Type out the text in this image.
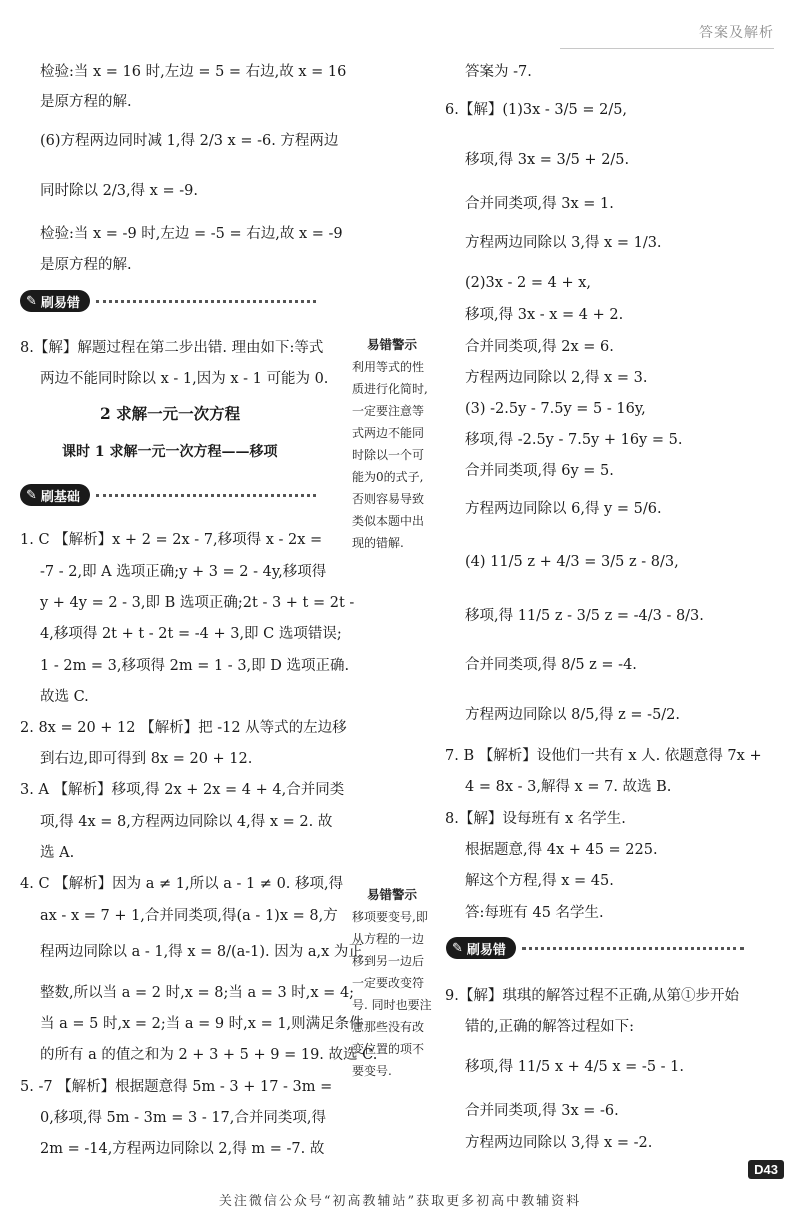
答案及解析
检验:当 x = 16 时,左边 = 5 = 右边,故 x = 16
是原方程的解.
(6)方程两边同时减 1,得 2/3 x = -6. 方程两边
同时除以 2/3,得 x = -9.
检验:当 x = -9 时,左边 = -5 = 右边,故 x = -9
是原方程的解.
✎ 刷易错
8.【解】解题过程在第二步出错. 理由如下:等式
两边不能同时除以 x - 1,因为 x - 1 可能为 0.
2 求解一元一次方程
课时 1 求解一元一次方程——移项
✎ 刷基础
1. C 【解析】x + 2 = 2x - 7,移项得 x - 2x =
-7 - 2,即 A 选项正确;y + 3 = 2 - 4y,移项得
y + 4y = 2 - 3,即 B 选项正确;2t - 3 + t = 2t -
4,移项得 2t + t - 2t = -4 + 3,即 C 选项错误;
1 - 2m = 3,移项得 2m = 1 - 3,即 D 选项正确.
故选 C.
2. 8x = 20 + 12 【解析】把 -12 从等式的左边移
到右边,即可得到 8x = 20 + 12.
3. A 【解析】移项,得 2x + 2x = 4 + 4,合并同类
项,得 4x = 8,方程两边同除以 4,得 x = 2. 故
选 A.
4. C 【解析】因为 a ≠ 1,所以 a - 1 ≠ 0. 移项,得
ax - x = 7 + 1,合并同类项,得(a - 1)x = 8,方
程两边同除以 a - 1,得 x = 8/(a-1). 因为 a,x 为正
整数,所以当 a = 2 时,x = 8;当 a = 3 时,x = 4;
当 a = 5 时,x = 2;当 a = 9 时,x = 1,则满足条件
的所有 a 的值之和为 2 + 3 + 5 + 9 = 19. 故选 C.
5. -7 【解析】根据题意得 5m - 3 + 17 - 3m =
0,移项,得 5m - 3m = 3 - 17,合并同类项,得
2m = -14,方程两边同除以 2,得 m = -7. 故
易错警示
利用等式的性质进行化简时,一定要注意等式两边不能同时除以一个可能为0的式子,否则容易导致类似本题中出现的错解.
易错警示
移项要变号,即从方程的一边移到另一边后一定要改变符号. 同时也要注意那些没有改变位置的项不要变号.
答案为 -7.
6.【解】(1)3x - 3/5 = 2/5,
移项,得 3x = 3/5 + 2/5.
合并同类项,得 3x = 1.
方程两边同除以 3,得 x = 1/3.
(2)3x - 2 = 4 + x,
移项,得 3x - x = 4 + 2.
合并同类项,得 2x = 6.
方程两边同除以 2,得 x = 3.
(3) -2.5y - 7.5y = 5 - 16y,
移项,得 -2.5y - 7.5y + 16y = 5.
合并同类项,得 6y = 5.
方程两边同除以 6,得 y = 5/6.
(4) 11/5 z + 4/3 = 3/5 z - 8/3,
移项,得 11/5 z - 3/5 z = -4/3 - 8/3.
合并同类项,得 8/5 z = -4.
方程两边同除以 8/5,得 z = -5/2.
7. B 【解析】设他们一共有 x 人. 依题意得 7x +
4 = 8x - 3,解得 x = 7. 故选 B.
8.【解】设每班有 x 名学生.
根据题意,得 4x + 45 = 225.
解这个方程,得 x = 45.
答:每班有 45 名学生.
✎ 刷易错
9.【解】琪琪的解答过程不正确,从第①步开始
错的,正确的解答过程如下:
移项,得 11/5 x + 4/5 x = -5 - 1.
合并同类项,得 3x = -6.
方程两边同除以 3,得 x = -2.
D43
关注微信公众号“初高教辅站”获取更多初高中教辅资料
